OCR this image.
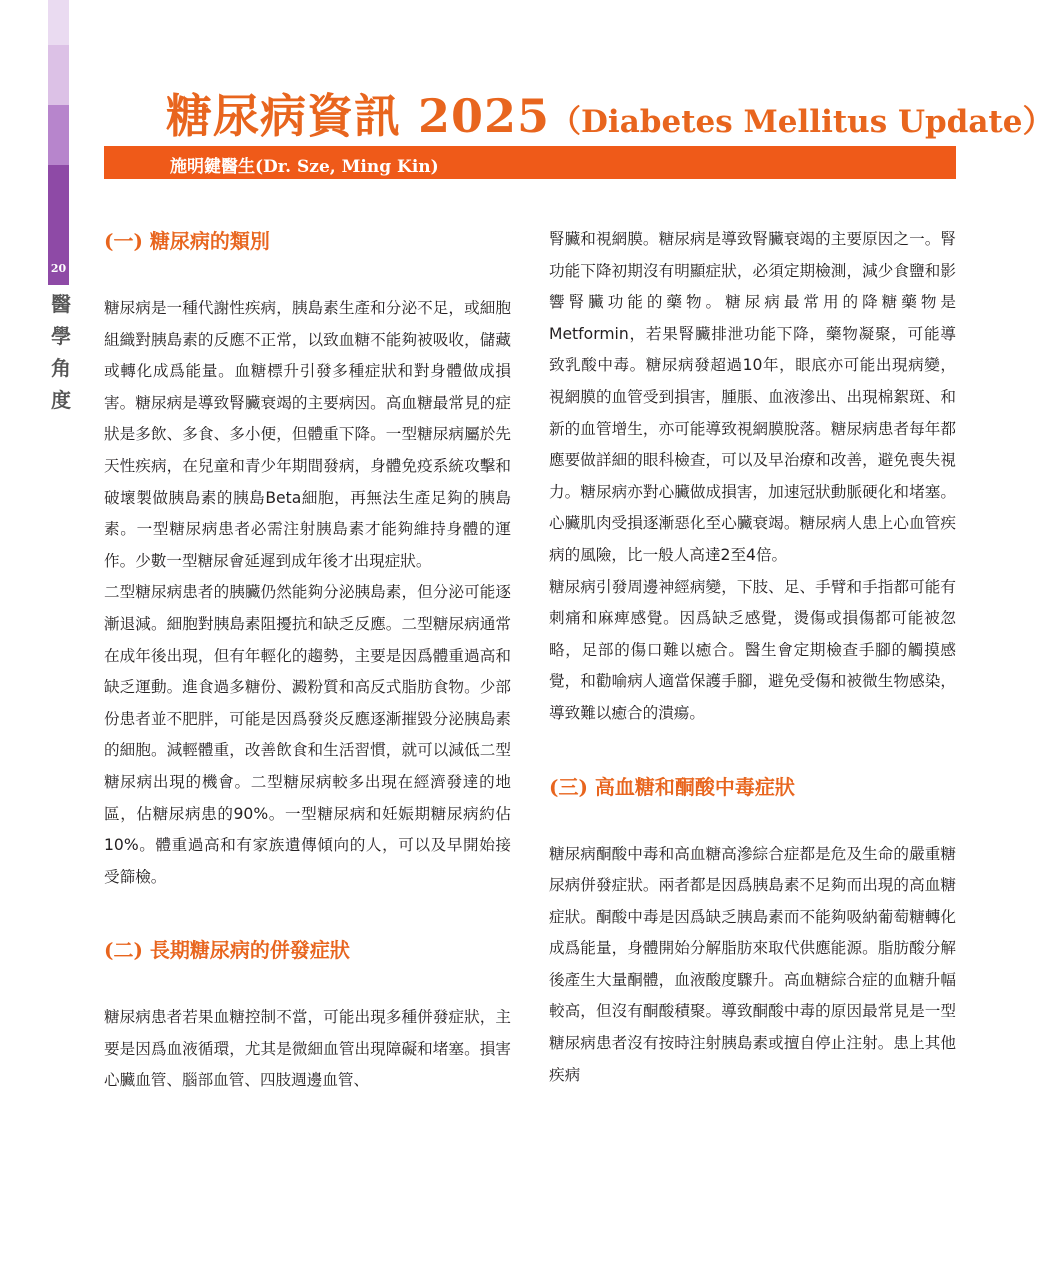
20
醫
學
角
度
糖尿病資訊 2025（Diabetes Mellitus Update）
施明鍵醫生(Dr. Sze, Ming Kin)
(一) 糖尿病的類別

糖尿病是一種代謝性疾病，胰島素生產和分泌不足，或細胞組織對胰島素的反應不正常，以致血糖不能夠被吸收，儲藏或轉化成爲能量。血糖標升引發多種症狀和對身體做成損害。糖尿病是導致腎臟衰竭的主要病因。高血糖最常見的症狀是多飲、多食、多小便，但體重下降。一型糖尿病屬於先天性疾病，在兒童和青少年期間發病，身體免疫系統攻擊和破壞製做胰島素的胰島Beta細胞，再無法生產足夠的胰島素。一型糖尿病患者必需注射胰島素才能夠維持身體的運作。少數一型糖尿會延遲到成年後才出現症狀。

二型糖尿病患者的胰臟仍然能夠分泌胰島素，但分泌可能逐漸退減。細胞對胰島素阻擾抗和缺乏反應。二型糖尿病通常在成年後出現，但有年輕化的趨勢，主要是因爲體重過高和缺乏運動。進食過多糖份、澱粉質和高反式脂肪食物。少部份患者並不肥胖，可能是因爲發炎反應逐漸摧毀分泌胰島素的細胞。減輕體重，改善飲食和生活習慣，就可以減低二型糖尿病出現的機會。二型糖尿病較多出現在經濟發達的地區，佔糖尿病患的90%。一型糖尿病和妊娠期糖尿病約佔10%。體重過高和有家族遺傳傾向的人，可以及早開始接受篩檢。

(二) 長期糖尿病的併發症狀

糖尿病患者若果血糖控制不當，可能出現多種併發症狀，主要是因爲血液循環，尤其是微細血管出現障礙和堵塞。損害心臟血管、腦部血管、四肢週邊血管、

腎臟和視網膜。糖尿病是導致腎臟衰竭的主要原因之一。腎功能下降初期沒有明顯症狀，必須定期檢測，減少食鹽和影響腎臟功能的藥物。糖尿病最常用的降糖藥物是Metformin，若果腎臟排泄功能下降，藥物凝聚，可能導致乳酸中毒。糖尿病發超過10年，眼底亦可能出現病變，視網膜的血管受到損害，腫脹、血液滲出、出現棉絮斑、和新的血管增生，亦可能導致視網膜脫落。糖尿病患者每年都應要做詳細的眼科檢查，可以及早治療和改善，避免喪失視力。糖尿病亦對心臟做成損害，加速冠狀動脈硬化和堵塞。心臟肌肉受損逐漸惡化至心臟衰竭。糖尿病人患上心血管疾病的風險，比一般人高達2至4倍。

糖尿病引發周邊神經病變，下肢、足、手臂和手指都可能有刺痛和麻痺感覺。因爲缺乏感覺，燙傷或損傷都可能被忽略，足部的傷口難以癒合。醫生會定期檢查手腳的觸摸感覺，和勸喻病人適當保護手腳，避免受傷和被微生物感染，導致難以癒合的潰瘍。

(三) 高血糖和酮酸中毒症狀

糖尿病酮酸中毒和高血糖高滲綜合症都是危及生命的嚴重糖尿病併發症狀。兩者都是因爲胰島素不足夠而出現的高血糖症狀。酮酸中毒是因爲缺乏胰島素而不能夠吸納葡萄糖轉化成爲能量，身體開始分解脂肪來取代供應能源。脂肪酸分解後產生大量酮體，血液酸度驟升。高血糖綜合症的血糖升幅較高，但沒有酮酸積聚。導致酮酸中毒的原因最常見是一型糖尿病患者沒有按時注射胰島素或擅自停止注射。患上其他疾病
